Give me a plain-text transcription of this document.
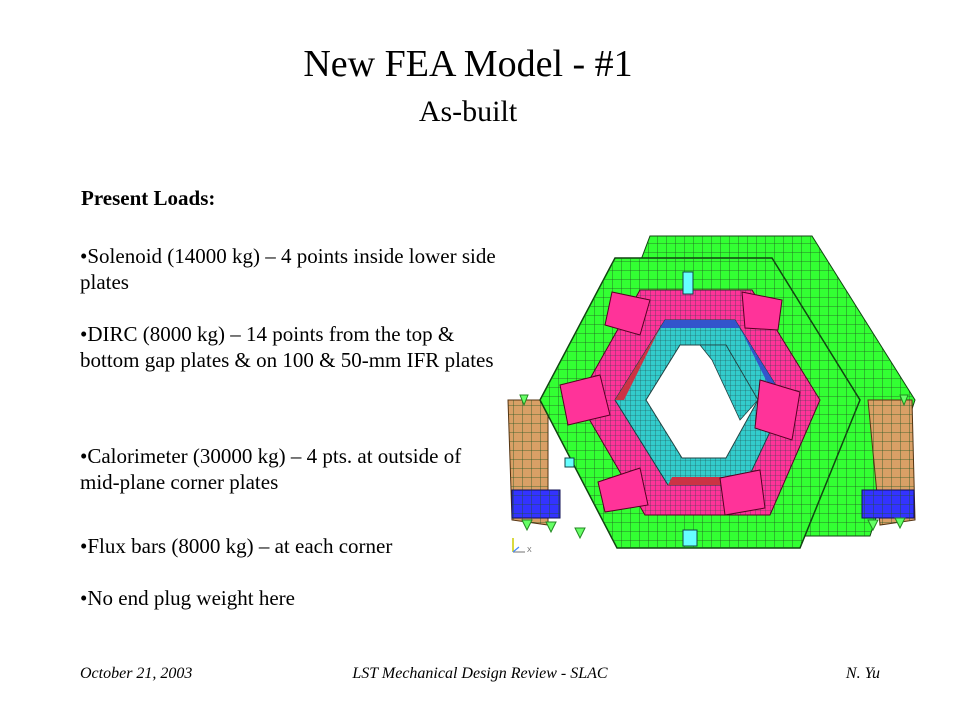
New FEA Model - #1
As-built
Present Loads:
• Solenoid (14000 kg) – 4 points inside lower side plates
• DIRC (8000 kg) – 14 points from the top & bottom gap plates & on 100 & 50-mm IFR plates
• Calorimeter (30000 kg) – 4 pts. at outside of mid-plane corner plates
• Flux bars (8000 kg) – at each corner
• No end plug weight here
X
October 21, 2003	LST Mechanical Design Review - SLAC	N. Yu
